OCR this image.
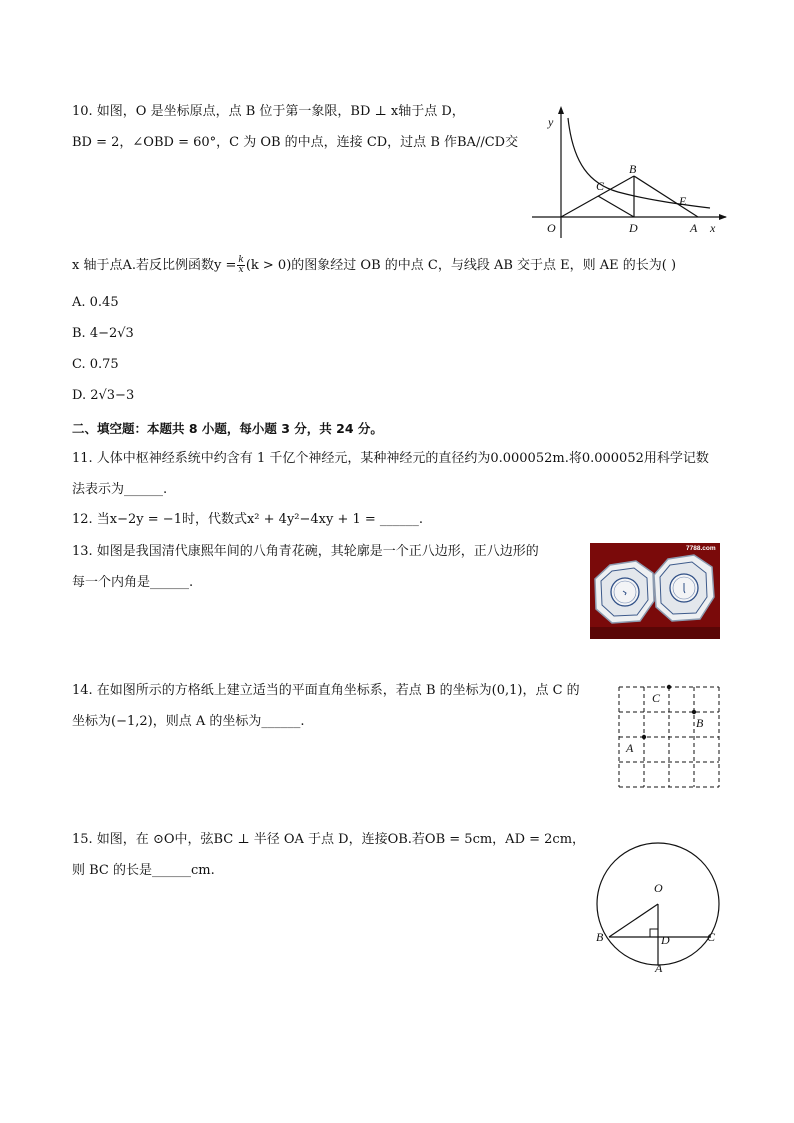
10. 如图，O 是坐标原点，点 B 位于第一象限，BD ⊥ x轴于点 D，
BD = 2，∠OBD = 60°，C 为 OB 的中点，连接 CD，过点 B 作BA//CD交
y
x
O
B
C
E
D	A
x 轴于点A.若反比例函数$y = \frac{k}{x} (k > 0)$的图象经过 OB 的中点 C，与线段 AB 交于点 E，则 AE 的长为( )
A. 0.45
B. 4−2√3
C. 0.75
D. 2√3−3
二、填空题：本题共 8 小题，每小题 3 分，共 24 分。
11. 人体中枢神经系统中约含有 1 千亿个神经元，某种神经元的直径约为0.000052m.将0.000052用科学记数
法表示为______.
12. 当x−2y = −1时，代数式x² + 4y²−4xy + 1 = ______.
13. 如图是我国清代康熙年间的八角青花碗，其轮廓是一个正八边形，正八边形的
每一个内角是______.
7788.com
14. 在如图所示的方格纸上建立适当的平面直角坐标系，若点 B 的坐标为(0,1)，点 C 的
坐标为(−1,2)，则点 A 的坐标为______.
C
B
A
15. 如图，在 ⊙O中，弦BC ⊥ 半径 OA 于点 D，连接OB.若OB = 5cm，AD = 2cm，
则 BC 的长是______cm.
O
B	D	C
A
